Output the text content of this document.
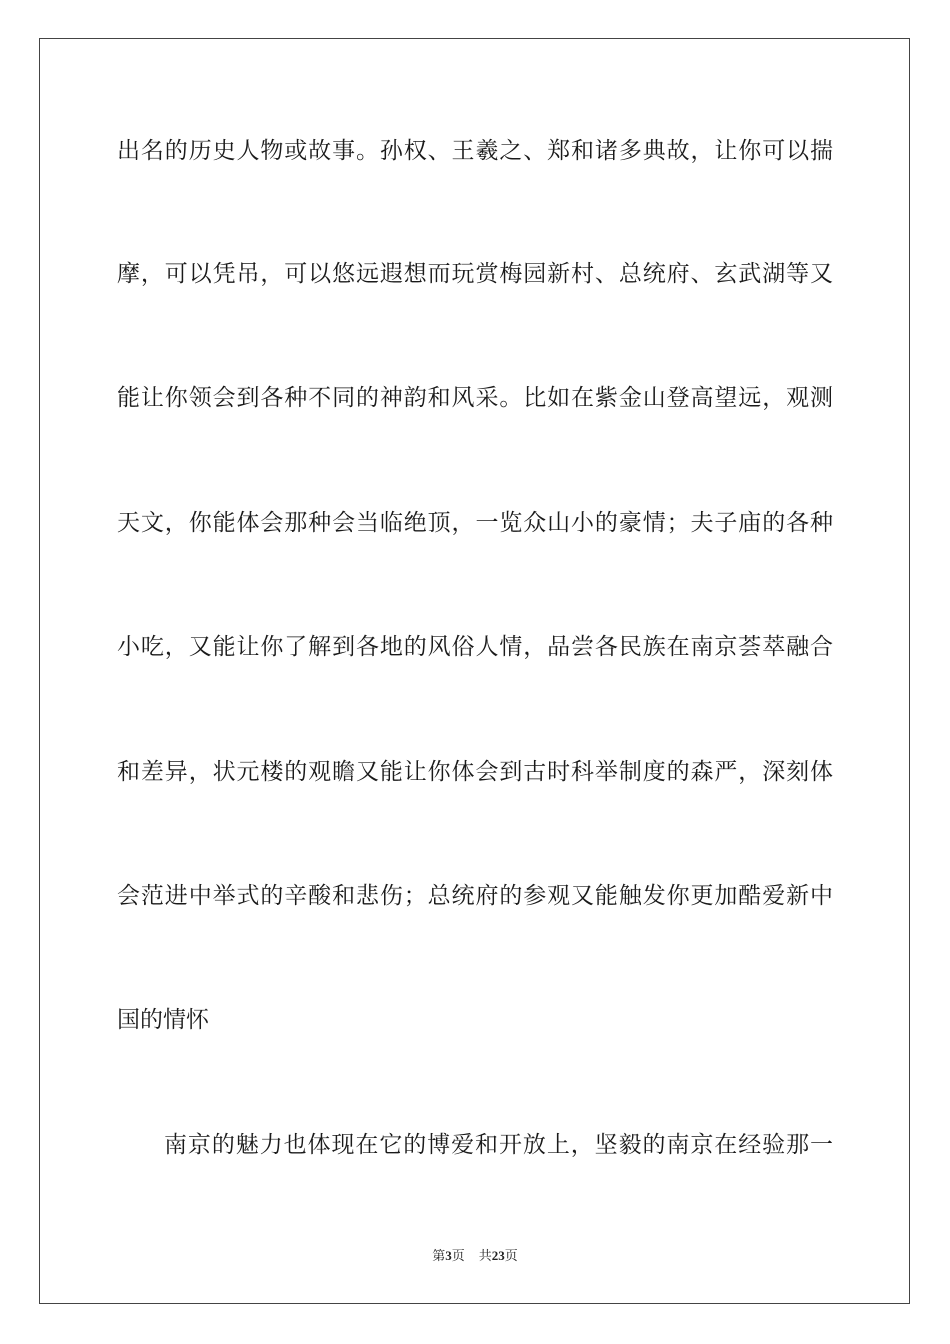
出名的历史人物或故事。孙权、王羲之、郑和诸多典故，让你可以揣
摩，可以凭吊，可以悠远遐想而玩赏梅园新村、总统府、玄武湖等又
能让你领会到各种不同的神韵和风采。比如在紫金山登高望远，观测
天文，你能体会那种会当临绝顶，一览众山小的豪情；夫子庙的各种
小吃，又能让你了解到各地的风俗人情，品尝各民族在南京荟萃融合
和差异，状元楼的观瞻又能让你体会到古时科举制度的森严，深刻体
会范进中举式的辛酸和悲伤；总统府的参观又能触发你更加酷爱新中
国的情怀
南京的魅力也体现在它的博爱和开放上，坚毅的南京在经验那一
第3页 共23页
